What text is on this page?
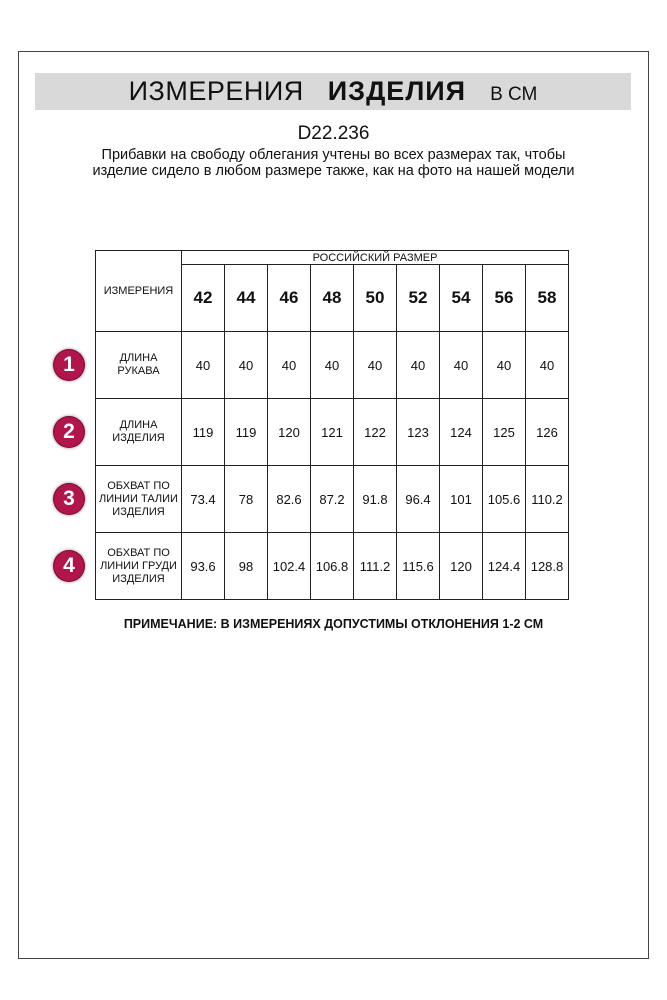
ИЗМЕРЕНИЯ ИЗДЕЛИЯ В СМ
D22.236
Прибавки на свободу облегания учтены во всех размерах так, чтобы изделие сидело в любом размере также, как на фото на нашей модели
ИЗМЕРЕНИЯ	РОССИЙСКИЙ РАЗМЕР								
	42	44	46	48	50	52	54	56	58
ДЛИНА РУКАВА	40	40	40	40	40	40	40	40	40
ДЛИНА ИЗДЕЛИЯ	119	119	120	121	122	123	124	125	126
ОБХВАТ ПО ЛИНИИ ТАЛИИ ИЗДЕЛИЯ	73.4	78	82.6	87.2	91.8	96.4	101	105.6	110.2
ОБХВАТ ПО ЛИНИИ ГРУДИ ИЗДЕЛИЯ	93.6	98	102.4	106.8	111.2	115.6	120	124.4	128.8
1
2
3
4
ПРИМЕЧАНИЕ: В ИЗМЕРЕНИЯХ ДОПУСТИМЫ ОТКЛОНЕНИЯ 1-2 СМ
